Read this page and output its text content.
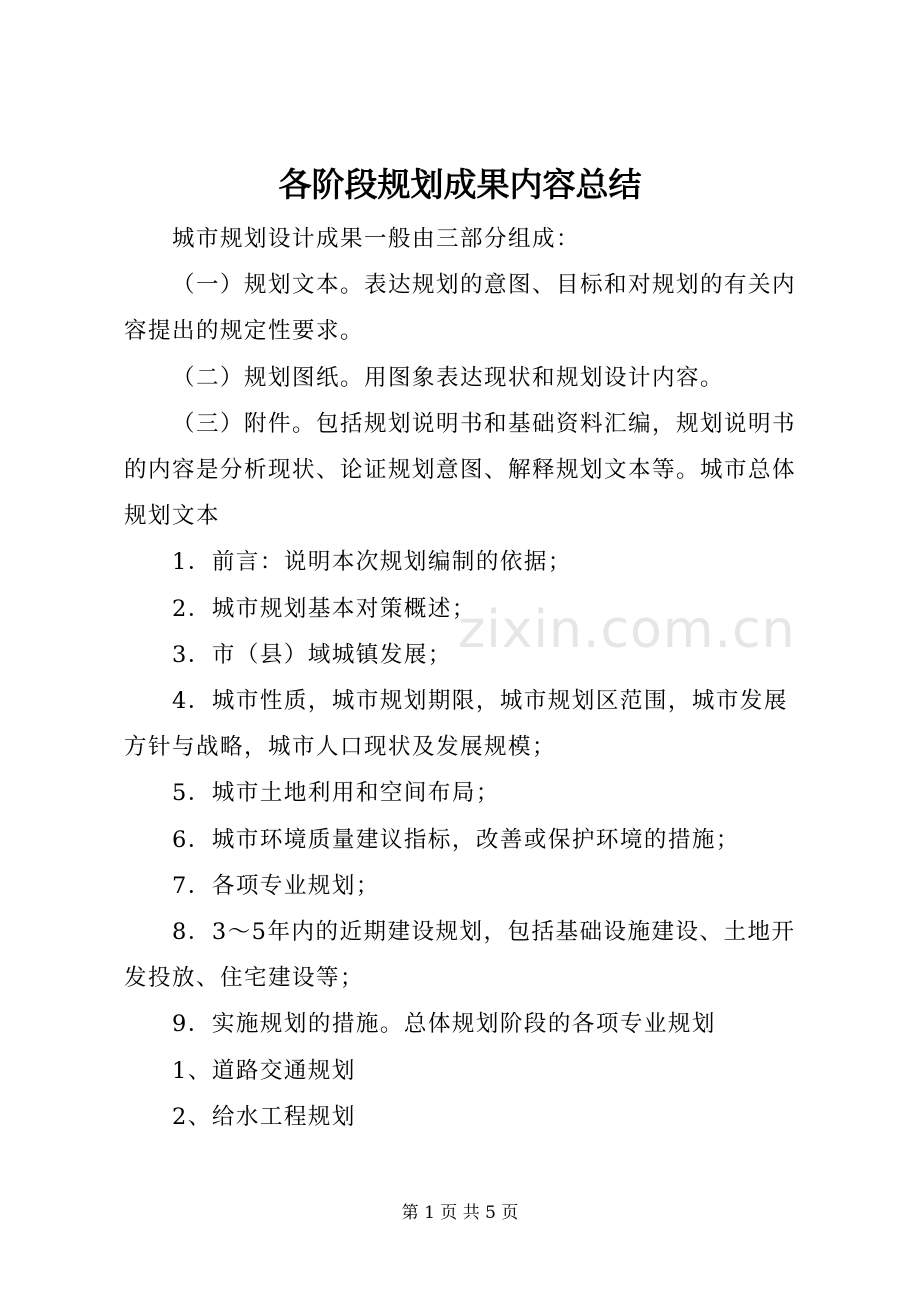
各阶段规划成果内容总结
zixin.com.cn

城市规划设计成果一般由三部分组成：

（一）规划文本。表达规划的意图、目标和对规划的有关内容提出的规定性要求。

（二）规划图纸。用图象表达现状和规划设计内容。

（三）附件。包括规划说明书和基础资料汇编，规划说明书的内容是分析现状、论证规划意图、解释规划文本等。城市总体规划文本

1．前言：说明本次规划编制的依据；

2．城市规划基本对策概述；

3．市（县）域城镇发展；

4．城市性质，城市规划期限，城市规划区范围，城市发展方针与战略，城市人口现状及发展规模；

5．城市土地利用和空间布局；

6．城市环境质量建议指标，改善或保护环境的措施；

7．各项专业规划；

8．3～5年内的近期建设规划，包括基础设施建设、土地开发投放、住宅建设等；

9．实施规划的措施。总体规划阶段的各项专业规划

1、道路交通规划

2、给水工程规划

第 1 页 共 5 页
